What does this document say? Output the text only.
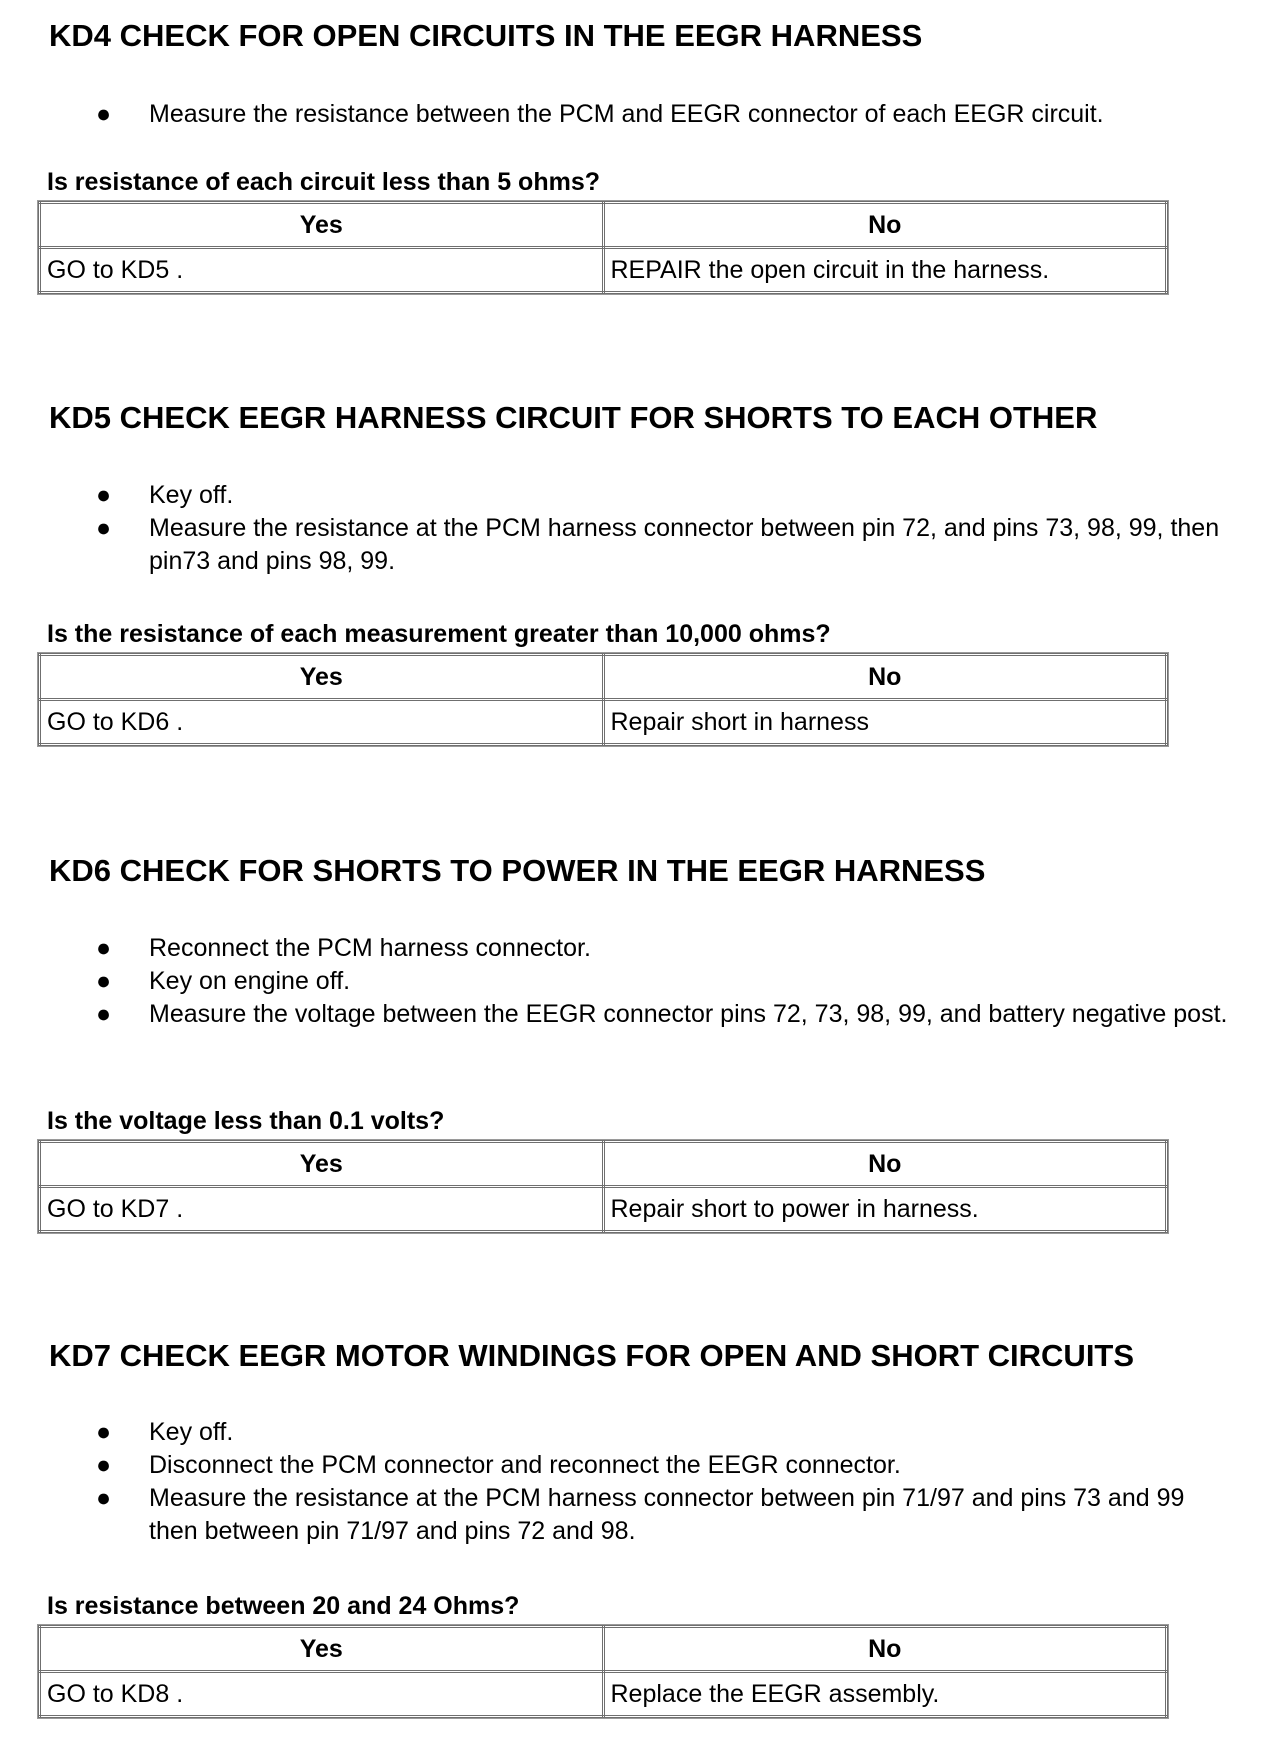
KD4 CHECK FOR OPEN CIRCUITS IN THE EEGR HARNESS
● Measure the resistance between the PCM and EEGR connector of each EEGR circuit.

Is resistance of each circuit less than 5 ohms?

Yes	No
GO to KD5 .	REPAIR the open circuit in the harness.
KD5 CHECK EEGR HARNESS CIRCUIT FOR SHORTS TO EACH OTHER
● Key off.
● Measure the resistance at the PCM harness connector between pin 72, and pins 73, 98, 99, then pin73 and pins 98, 99.

Is the resistance of each measurement greater than 10,000 ohms?

Yes	No
GO to KD6 .	Repair short in harness
KD6 CHECK FOR SHORTS TO POWER IN THE EEGR HARNESS
● Reconnect the PCM harness connector.
● Key on engine off.
● Measure the voltage between the EEGR connector pins 72, 73, 98, 99, and battery negative post.

Is the voltage less than 0.1 volts?

Yes	No
GO to KD7 .	Repair short to power in harness.
KD7 CHECK EEGR MOTOR WINDINGS FOR OPEN AND SHORT CIRCUITS
● Key off.
● Disconnect the PCM connector and reconnect the EEGR connector.
● Measure the resistance at the PCM harness connector between pin 71/97 and pins 73 and 99 then between pin 71/97 and pins 72 and 98.

Is resistance between 20 and 24 Ohms?

Yes	No
GO to KD8 .	Replace the EEGR assembly.
